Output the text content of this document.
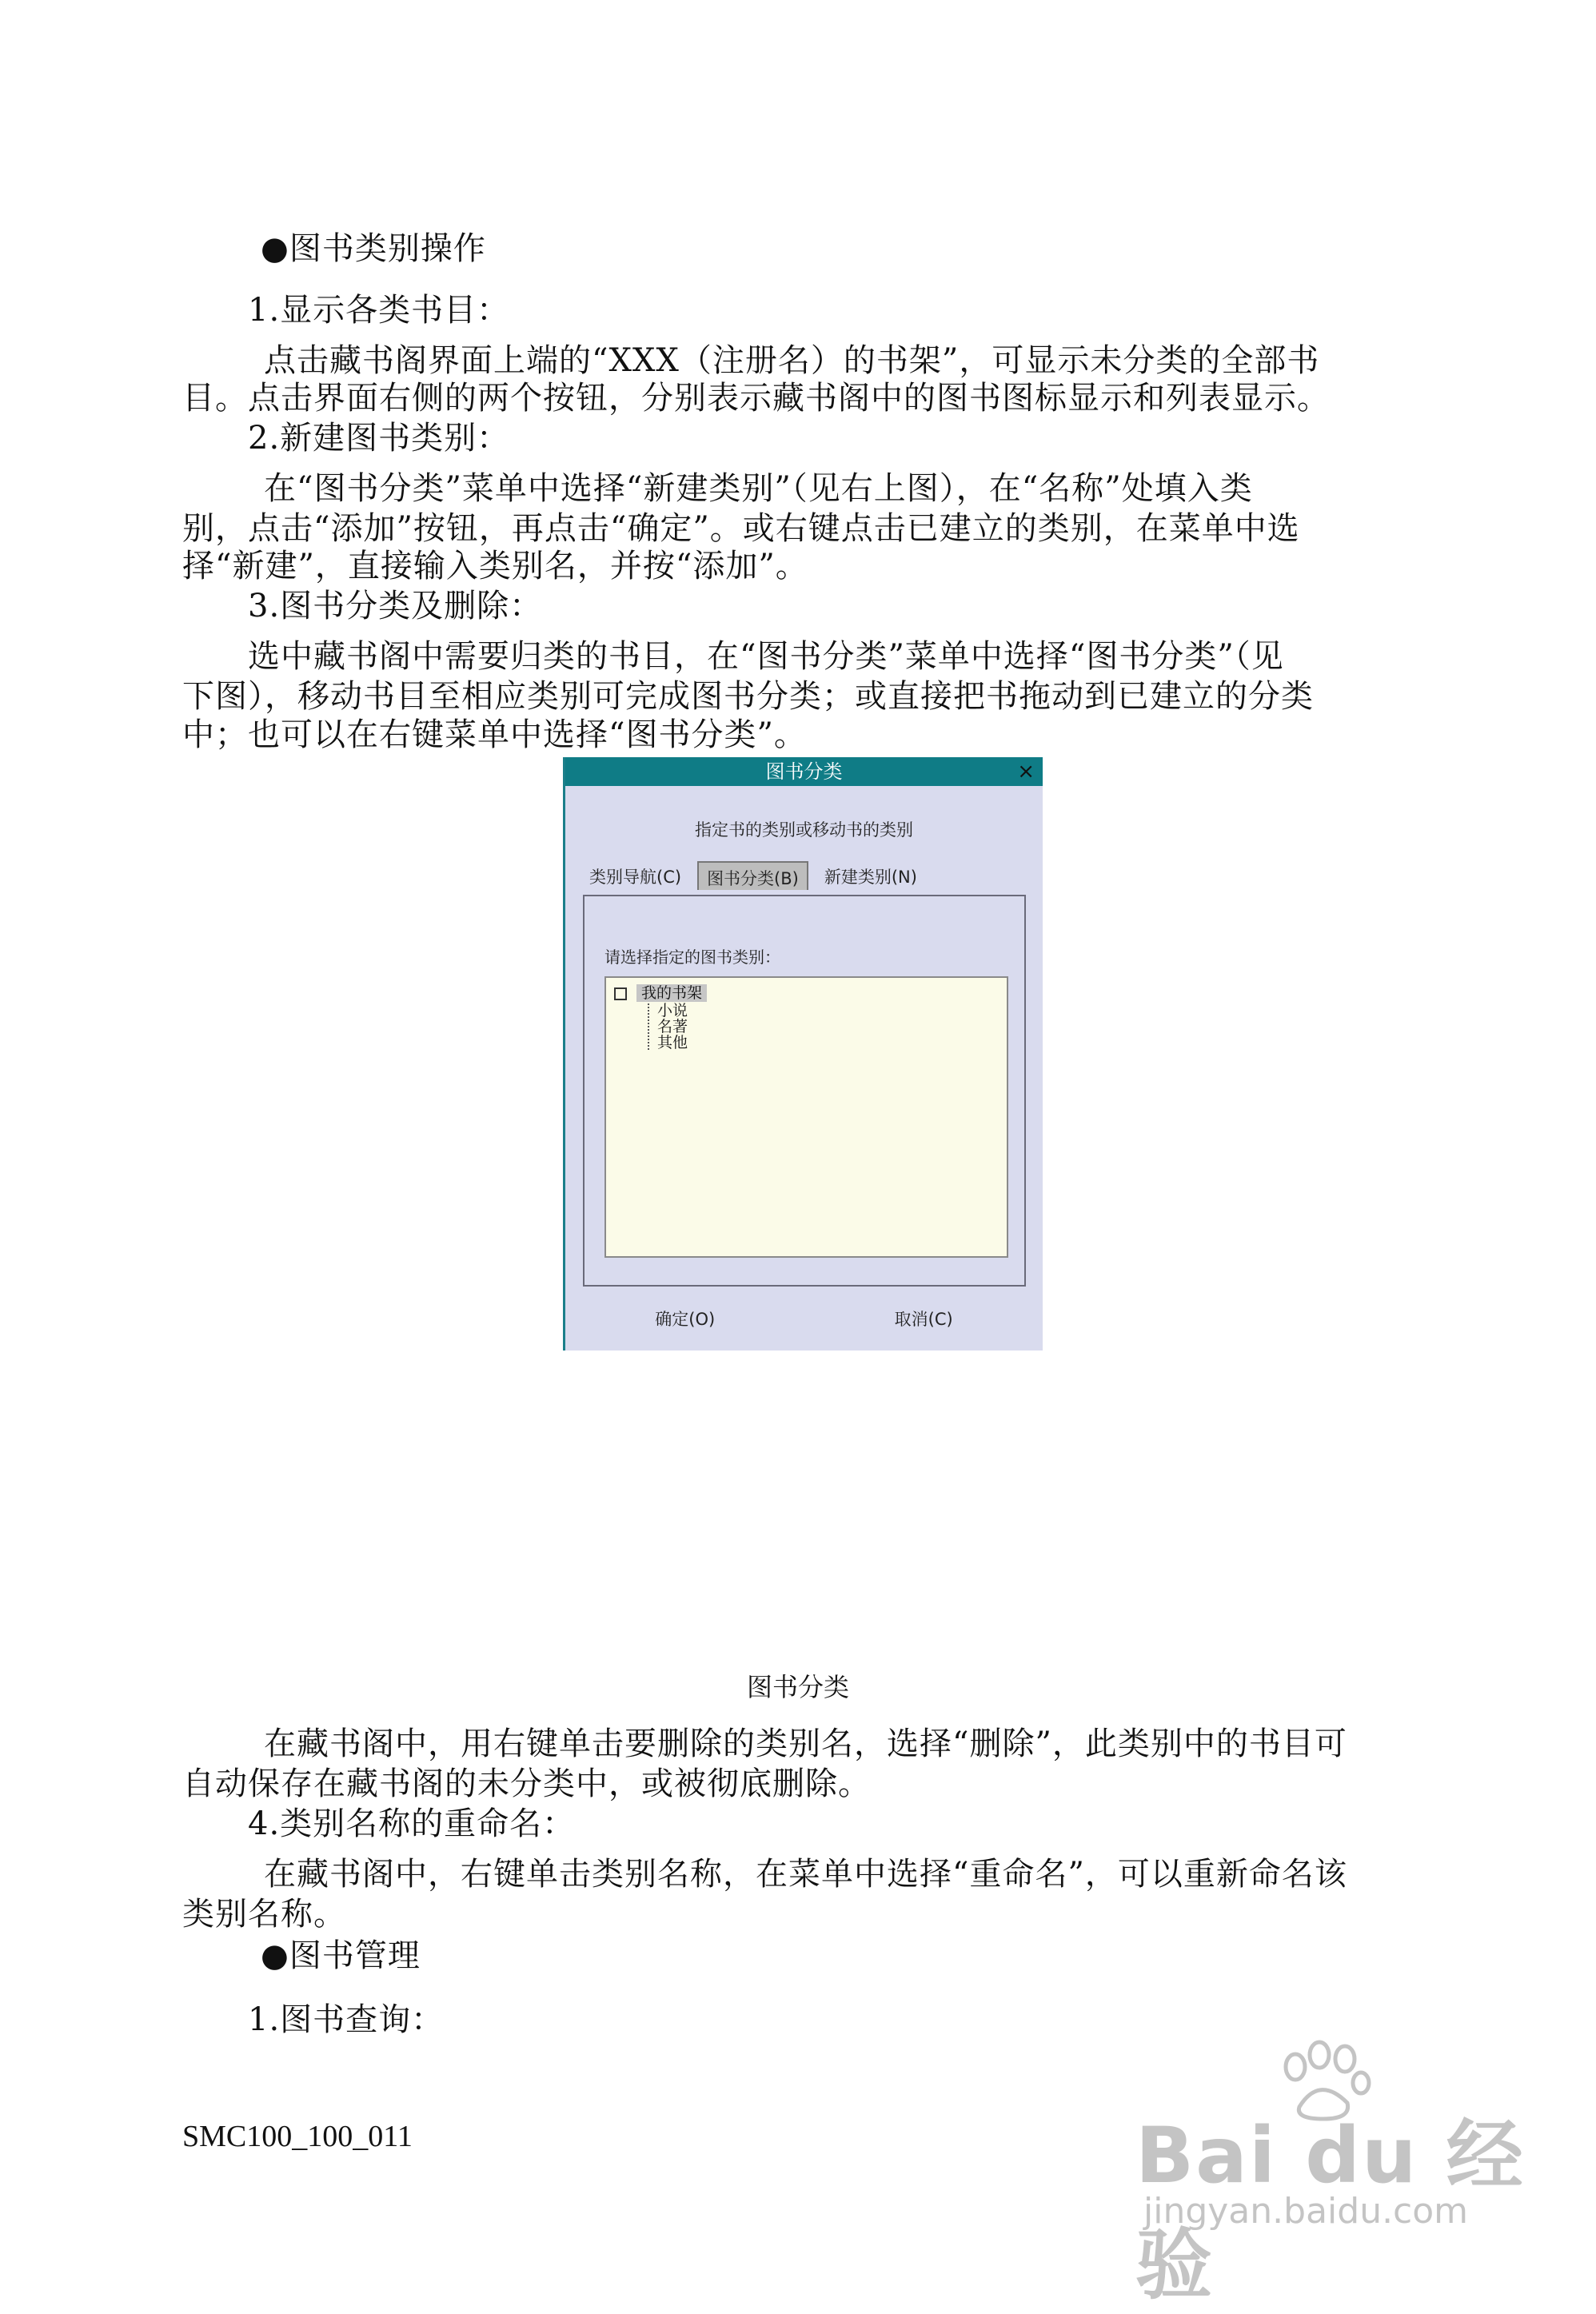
●图书类别操作
1.显示各类书目：
点击藏书阁界面上端的“XXX（注册名）的书架”，可显示未分类的全部书
目。点击界面右侧的两个按钮，分别表示藏书阁中的图书图标显示和列表显示。
2.新建图书类别：
在“图书分类”菜单中选择“新建类别”（见右上图），在“名称”处填入类
别，点击“添加”按钮，再点击“确定”。或右键点击已建立的类别，在菜单中选
择“新建”，直接输入类别名，并按“添加”。
3.图书分类及删除：
选中藏书阁中需要归类的书目，在“图书分类”菜单中选择“图书分类”（见
下图），移动书目至相应类别可完成图书分类；或直接把书拖动到已建立的分类
中；也可以在右键菜单中选择“图书分类”。
图书分类	×
指定书的类别或移动书的类别
类别导航(C)	图书分类(B)	新建类别(N)
请选择指定的图书类别：
我的书架
小说
名著
其他
确定(O)	取消(C)
图书分类
在藏书阁中，用右键单击要删除的类别名，选择“删除”，此类别中的书目可
自动保存在藏书阁的未分类中，或被彻底删除。
4.类别名称的重命名：
在藏书阁中，右键单击类别名称，在菜单中选择“重命名”，可以重新命名该
类别名称。
●图书管理
1.图书查询：
SMC100_100_011	Bai du 经验
jingyan.baidu.com
